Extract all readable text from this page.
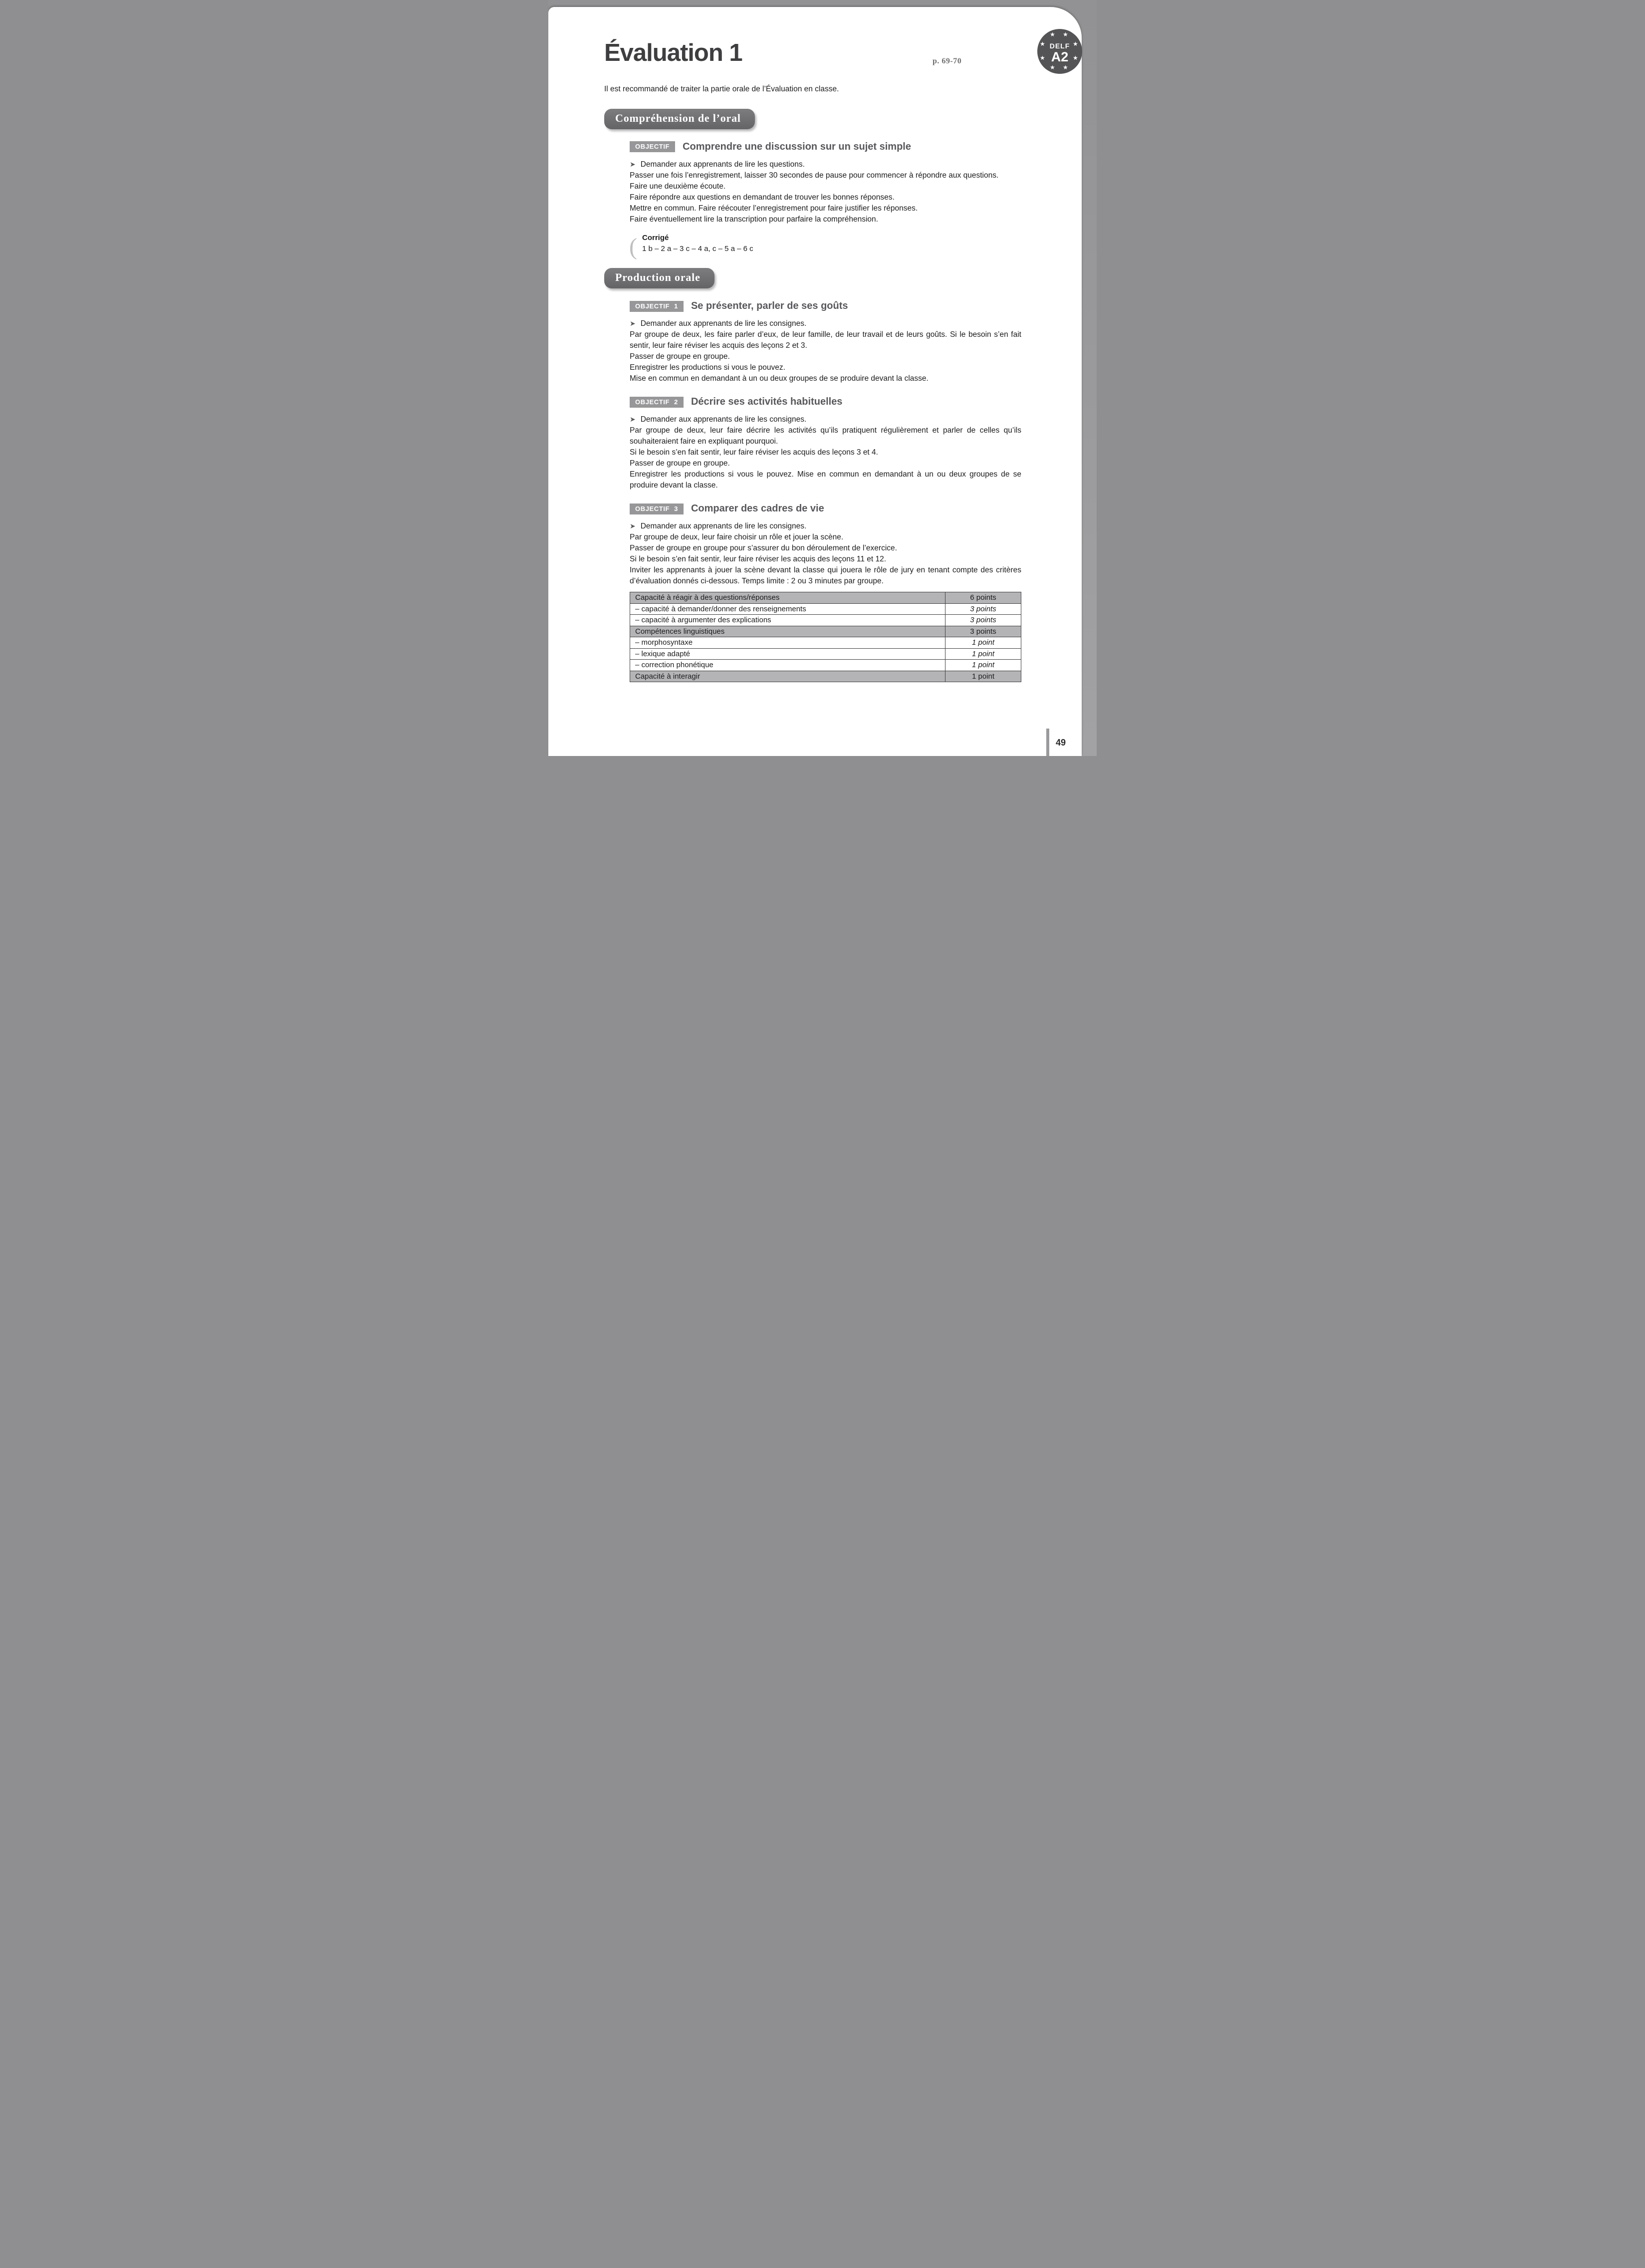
Évaluation 1	p. 69-70
Il est recommandé de traiter la partie orale de l’Évaluation en classe.
Compréhension de l’oral
OBJECTIF	Comprendre une discussion sur un sujet simple
➤ Demander aux apprenants de lire les questions.
Passer une fois l’enregistrement, laisser 30 secondes de pause pour commencer à répondre aux questions.
Faire une deuxième écoute.
Faire répondre aux questions en demandant de trouver les bonnes réponses.
Mettre en commun. Faire réécouter l’enregistrement pour faire justifier les réponses.
Faire éventuellement lire la transcription pour parfaire la compréhension.
( Corrigé
1 b – 2 a – 3 c – 4 a, c – 5 a – 6 c
Production orale
OBJECTIF 1	Se présenter, parler de ses goûts
➤ Demander aux apprenants de lire les consignes.
Par groupe de deux, les faire parler d’eux, de leur famille, de leur travail et de leurs goûts. Si le besoin s’en fait sentir, leur faire réviser les acquis des leçons 2 et 3.
Passer de groupe en groupe.
Enregistrer les productions si vous le pouvez.
Mise en commun en demandant à un ou deux groupes de se produire devant la classe.
OBJECTIF 2	Décrire ses activités habituelles
➤ Demander aux apprenants de lire les consignes.
Par groupe de deux, leur faire décrire les activités qu’ils pratiquent régulièrement et parler de celles qu’ils souhaiteraient faire en expliquant pourquoi.
Si le besoin s’en fait sentir, leur faire réviser les acquis des leçons 3 et 4.
Passer de groupe en groupe.
Enregistrer les productions si vous le pouvez. Mise en commun en demandant à un ou deux groupes de se produire devant la classe.
OBJECTIF 3	Comparer des cadres de vie
➤ Demander aux apprenants de lire les consignes.
Par groupe de deux, leur faire choisir un rôle et jouer la scène.
Passer de groupe en groupe pour s’assurer du bon déroulement de l’exercice.
Si le besoin s’en fait sentir, leur faire réviser les acquis des leçons 11 et 12.
Inviter les apprenants à jouer la scène devant la classe qui jouera le rôle de jury en tenant compte des critères d’évaluation donnés ci-dessous. Temps limite : 2 ou 3 minutes par groupe.
Capacité à réagir à des questions/réponses	6 points
– capacité à demander/donner des renseignements	3 points
– capacité à argumenter des explications	3 points
Compétences linguistiques	3 points
– morphosyntaxe	1 point
– lexique adapté	1 point
– correction phonétique	1 point
Capacité à interagir	1 point
49
★
★
★
★
★
★
★
★
DELF
A2
